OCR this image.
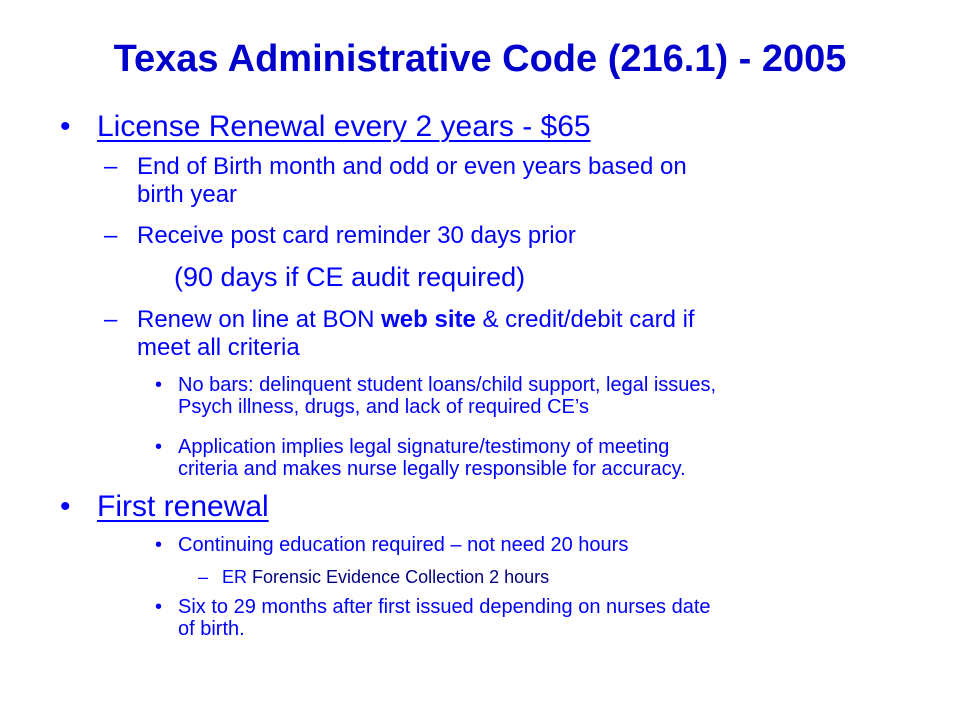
Texas Administrative Code (216.1) - 2005
• License Renewal every 2 years - $65
– End of Birth month and odd or even years based on
birth year
– Receive post card reminder 30 days prior
(90 days if CE audit required)
– Renew on line at BON web site & credit/debit card if
meet all criteria
• No bars: delinquent student loans/child support, legal issues,
Psych illness, drugs, and lack of required CE’s
• Application implies legal signature/testimony of meeting
criteria and makes nurse legally responsible for accuracy.
• First renewal
• Continuing education required – not need 20 hours
– ER Forensic Evidence Collection 2 hours
• Six to 29 months after first issued depending on nurses date
of birth.
